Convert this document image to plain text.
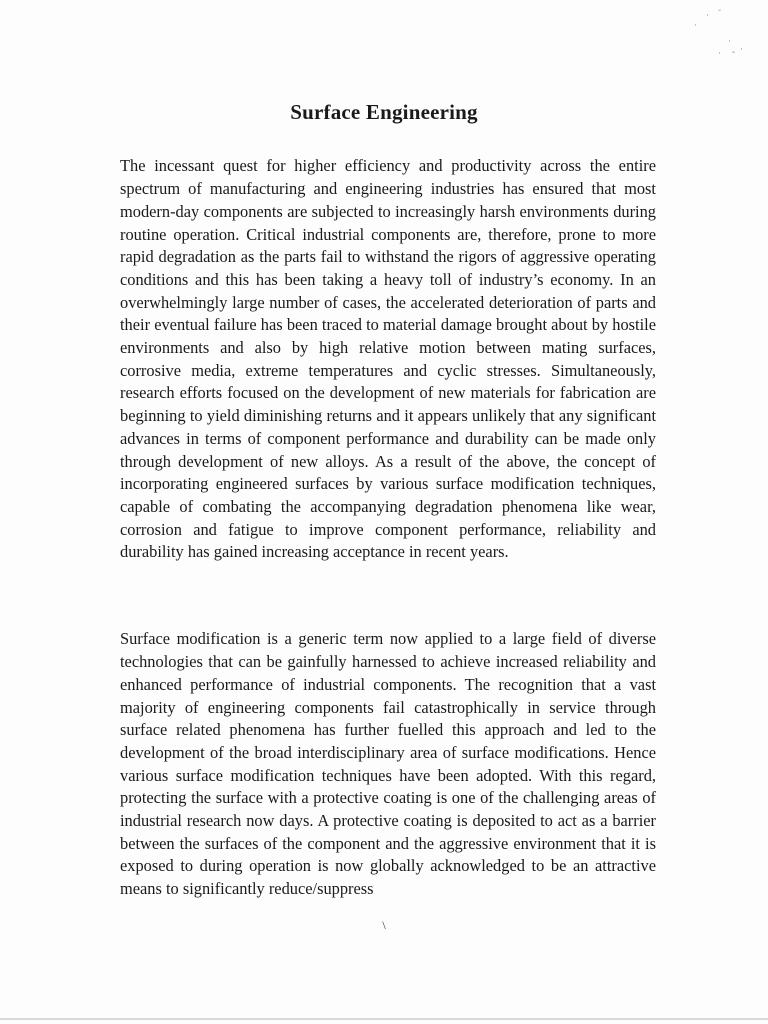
· ˘
·
·
· ˆ
·
Surface Engineering

The incessant quest for higher efficiency and productivity across the entire spectrum of manufacturing and engineering industries has ensured that most modern-day components are subjected to increasingly harsh environments during routine operation. Critical industrial components are, therefore, prone to more rapid degradation as the parts fail to withstand the rigors of aggressive operating conditions and this has been taking a heavy toll of industry’s economy. In an overwhelmingly large number of cases, the accelerated deterioration of parts and their eventual failure has been traced to material damage brought about by hostile environments and also by high relative motion between mating surfaces, corrosive media, extreme temperatures and cyclic stresses. Simultaneously, research efforts focused on the development of new materials for fabrication are beginning to yield diminishing returns and it appears unlikely that any significant advances in terms of component performance and durability can be made only through development of new alloys. As a result of the above, the concept of incorporating engineered surfaces by various surface modification techniques, capable of combating the accompanying degradation phenomena like wear, corrosion and fatigue to improve component performance, reliability and durability has gained increasing acceptance in recent years.

Surface modification is a generic term now applied to a large field of diverse technologies that can be gainfully harnessed to achieve increased reliability and enhanced performance of industrial components. The recognition that a vast majority of engineering components fail catastrophically in service through surface related phenomena has further fuelled this approach and led to the development of the broad interdisciplinary area of surface modifications. Hence various surface modification techniques have been adopted. With this regard, protecting the surface with a protective coating is one of the challenging areas of industrial research now days. A protective coating is deposited to act as a barrier between the surfaces of the component and the aggressive environment that it is exposed to during operation is now globally acknowledged to be an attractive means to significantly reduce/suppress

\
